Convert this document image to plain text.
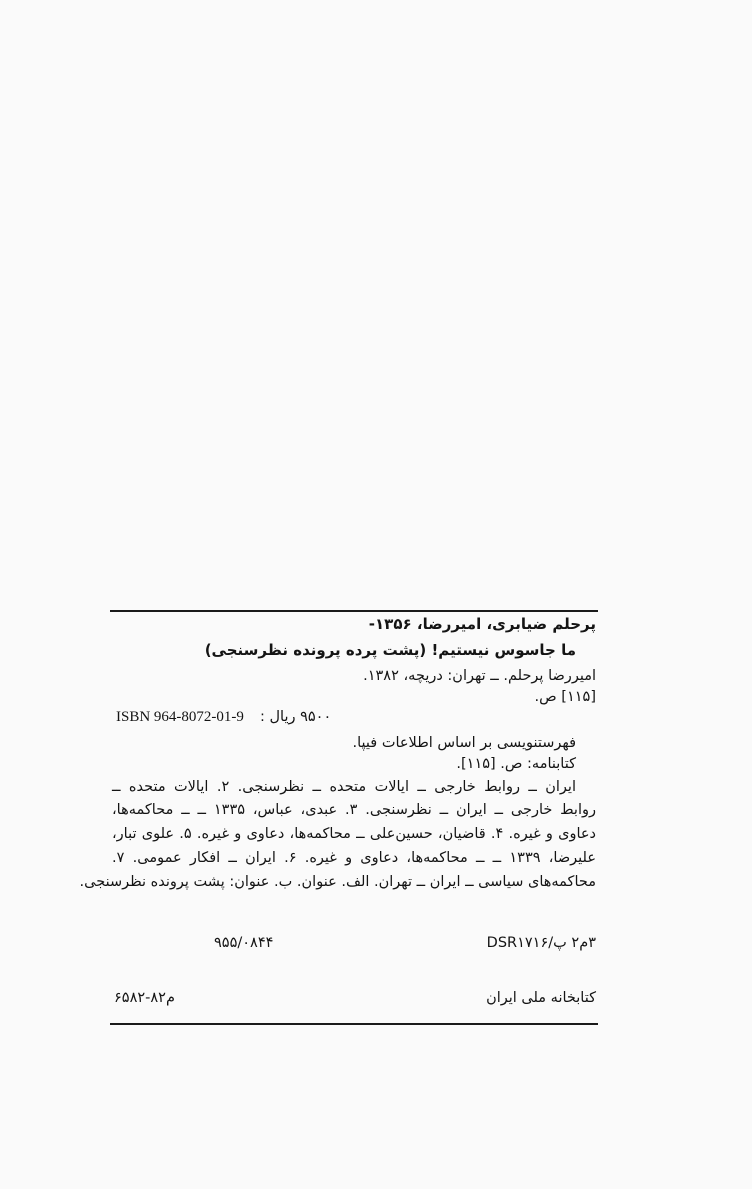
پرحلم ضیابری، امیررضا، ۱۳۵۶-
ما جاسوس نیستیم! (پشت پرده پرونده نظرسنجی)
امیررضا پرحلم. ــ تهران: دریچه، ۱۳۸۲.
[۱۱۵] ص.
۹۵۰۰ ریال :
ISBN 964-8072-01-9
فهرستنویسی بر اساس اطلاعات فیپا.
کتابنامه: ص. [۱۱۵].
ایران ــ روابط خارجی ــ ایالات متحده ــ نظرسنجی. ۲. ایالات متحده ــ
روابط خارجی ــ ایران ــ نظرسنجی. ۳. عبدی، عباس، ۱۳۳۵ ــ ــ محاکمه‌ها،
دعاوی و غیره. ۴. قاضیان، حسین‌علی ــ محاکمه‌ها، دعاوی و غیره. ۵. علوی تبار،
علیرضا، ۱۳۳۹ ــ ــ محاکمه‌ها، دعاوی و غیره. ۶. ایران ــ افکار عمومی. ۷.
محاکمه‌های سیاسی ــ ایران ــ تهران. الف. عنوان. ب. عنوان: پشت پرونده نظرسنجی.
۳م۲ پ/DSR۱۷۱۶
۹۵۵/۰۸۴۴
کتابخانه ملی ایران
م۸۲-۶۵۸۲
